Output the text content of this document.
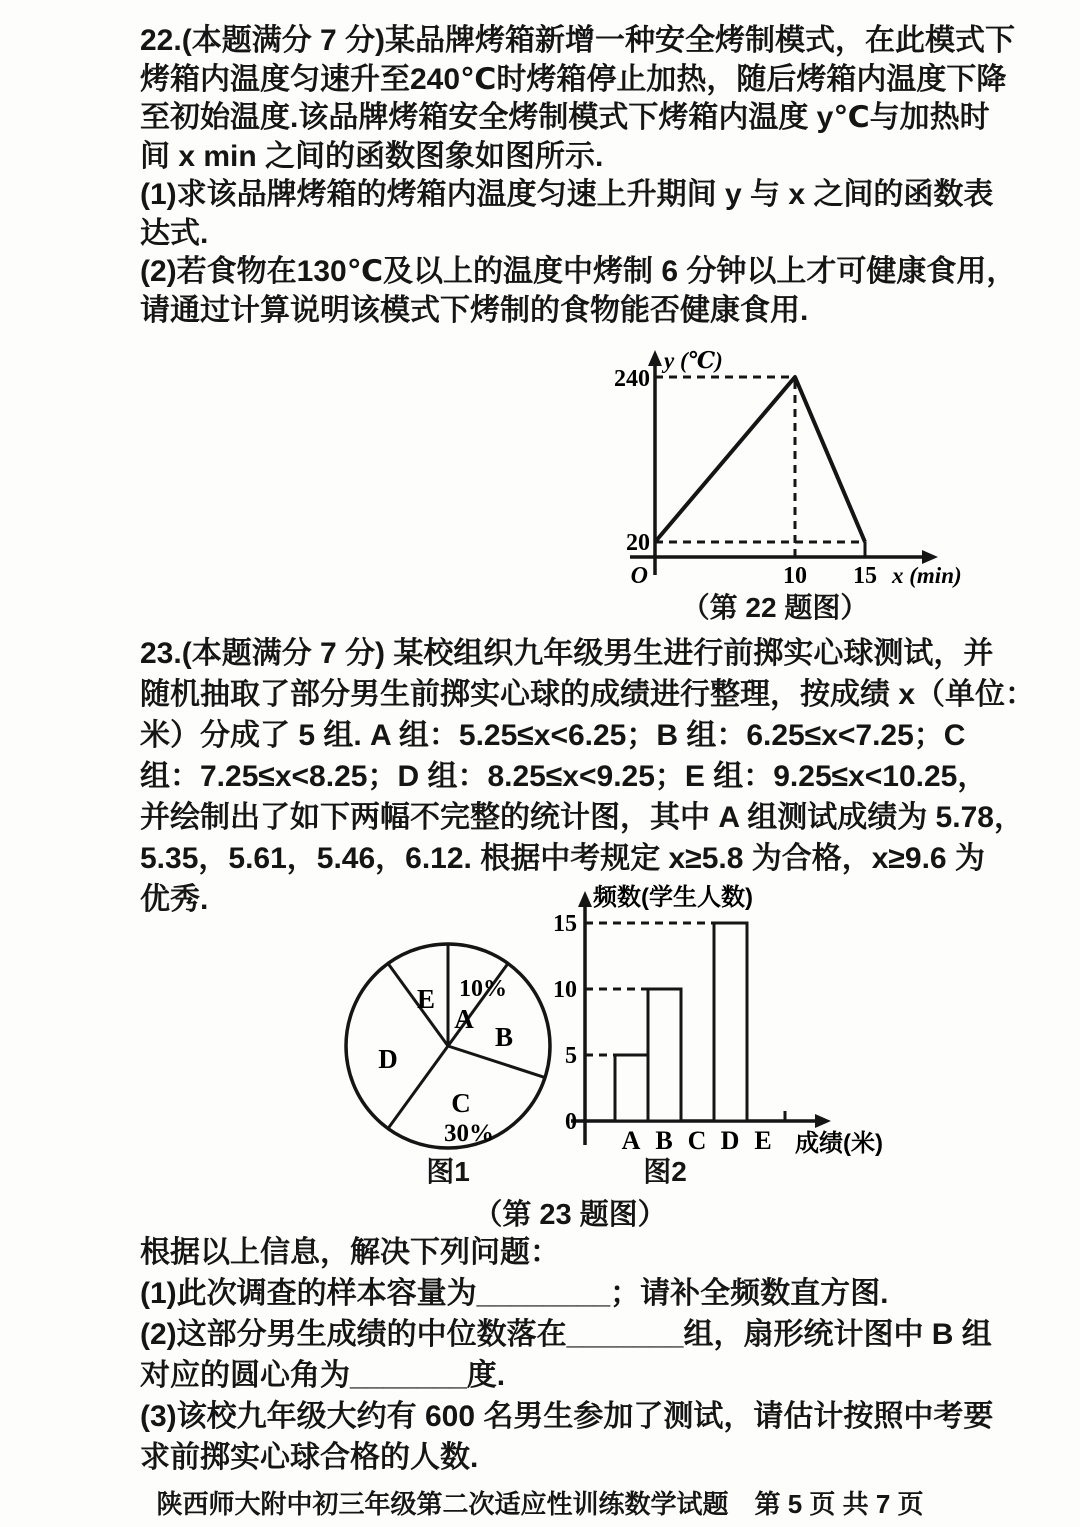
22.(本题满分 7 分)某品牌烤箱新增一种安全烤制模式，在此模式下
烤箱内温度匀速升至240℃时烤箱停止加热，随后烤箱内温度下降
至初始温度.该品牌烤箱安全烤制模式下烤箱内温度 y℃与加热时
间 x min 之间的函数图象如图所示.
(1)求该品牌烤箱的烤箱内温度匀速上升期间 y 与 x 之间的函数表
达式.
(2)若食物在130℃及以上的温度中烤制 6 分钟以上才可健康食用，
请通过计算说明该模式下烤制的食物能否健康食用.
y (℃)
240
20
O	10 15 x (min)
（第 22 题图）
23.(本题满分 7 分) 某校组织九年级男生进行前掷实心球测试，并
随机抽取了部分男生前掷实心球的成绩进行整理，按成绩 x（单位：
米）分成了 5 组. A 组：5.25≤x<6.25；B 组：6.25≤x<7.25；C
组：7.25≤x<8.25；D 组：8.25≤x<9.25；E 组：9.25≤x<10.25，
并绘制出了如下两幅不完整的统计图，其中 A 组测试成绩为 5.78，
5.35，5.61，5.46，6.12. 根据中考规定 x≥5.8 为合格，x≥9.6 为
优秀.
10%
A
B
C
30%
D
E
图1
频数(学生人数)
0
5
10
15
A B C D E 成绩(米)
图2
（第 23 题图）
根据以上信息，解决下列问题：
(1)此次调查的样本容量为________；请补全频数直方图.
(2)这部分男生成绩的中位数落在_______组，扇形统计图中 B 组
对应的圆心角为_______度.
(3)该校九年级大约有 600 名男生参加了测试，请估计按照中考要
求前掷实心球合格的人数.
陕西师大附中初三年级第二次适应性训练数学试题　第 5 页 共 7 页
